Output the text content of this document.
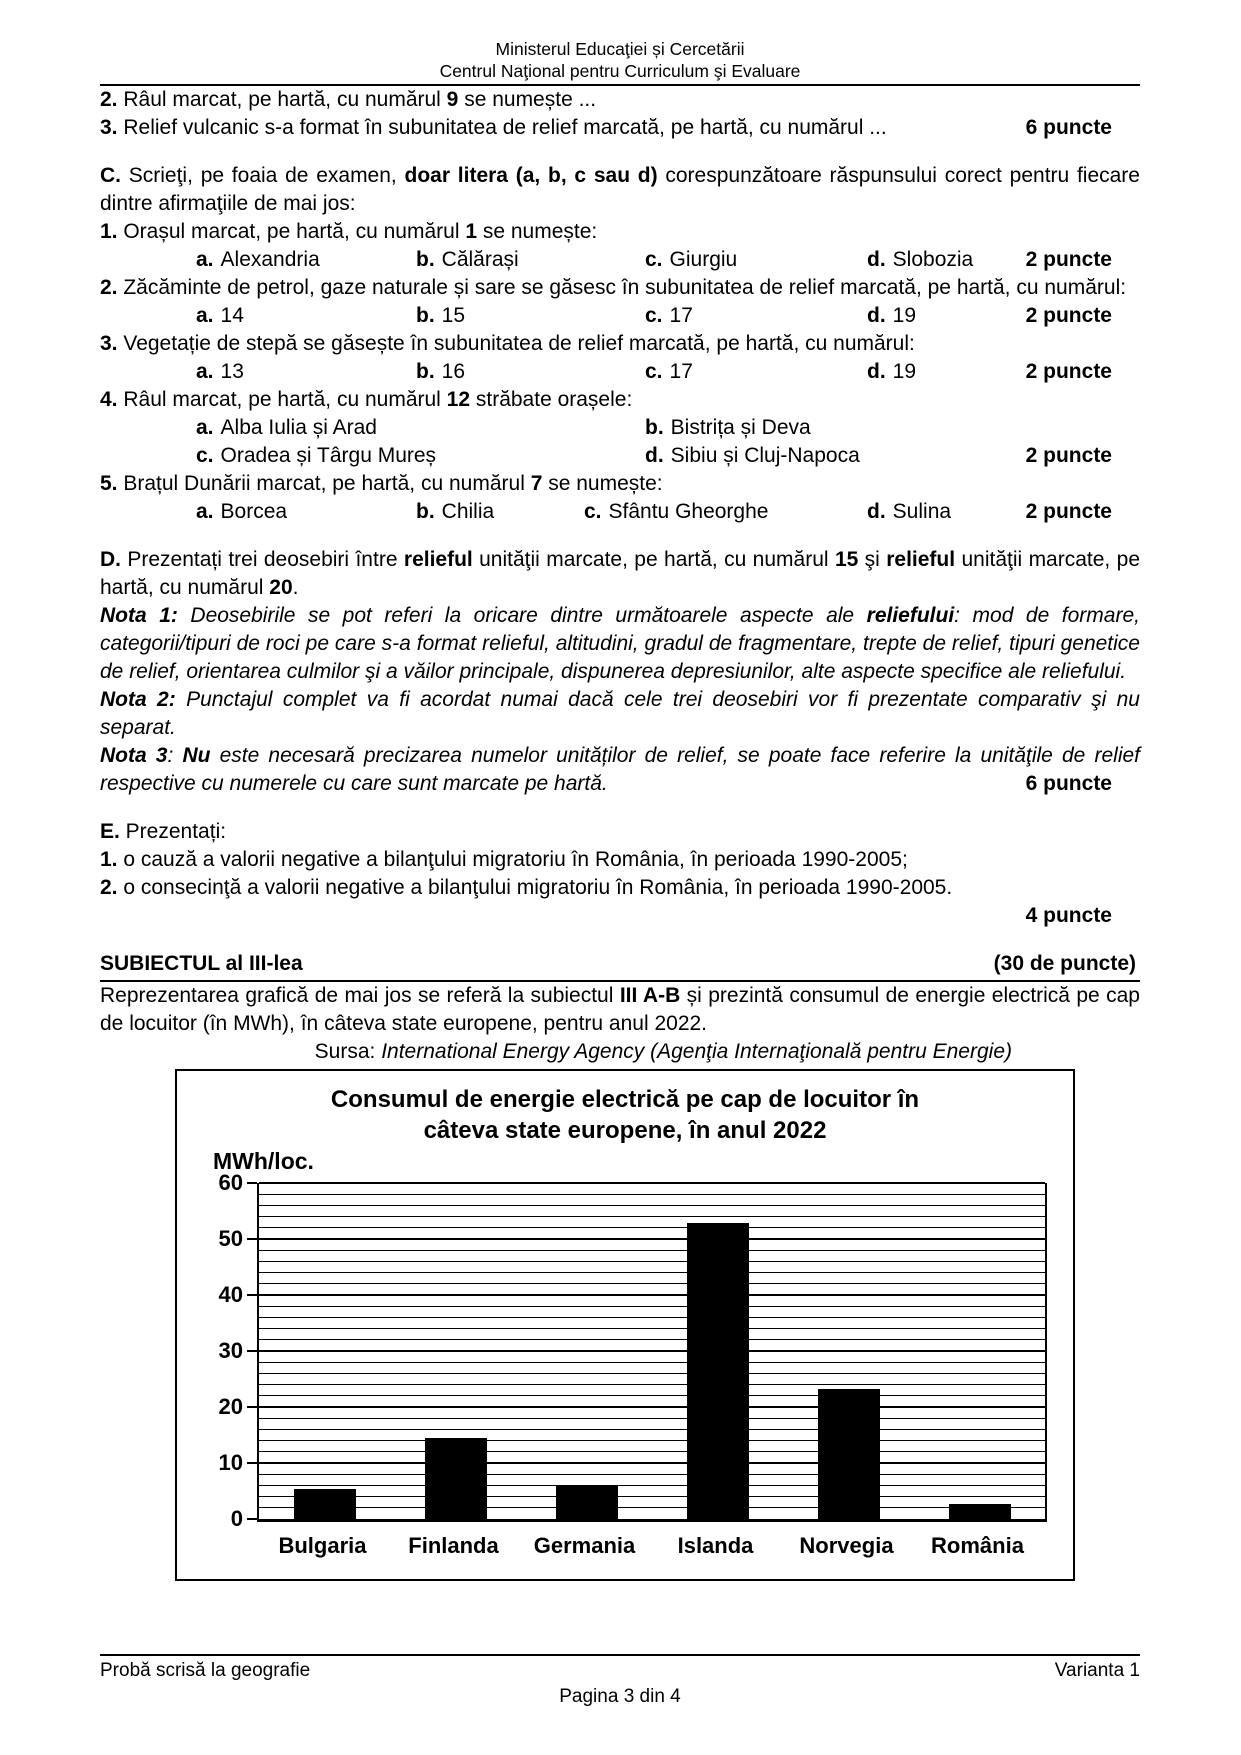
Ministerul Educaţiei și Cercetării
Centrul Naţional pentru Curriculum şi Evaluare

2. Râul marcat, pe hartă, cu numărul 9 se numește ...

3. Relief vulcanic s-a format în subunitatea de relief marcată, pe hartă, cu numărul ...	6 puncte

C. Scrieţi, pe foaia de examen, doar litera (a, b, c sau d) corespunzătoare răspunsului corect pentru fiecare dintre afirmaţiile de mai jos:

1. Orașul marcat, pe hartă, cu numărul 1 se numește:

a. Alexandria	b. Călărași	c. Giurgiu	d. Slobozia 2 puncte

2. Zăcăminte de petrol, gaze naturale și sare se găsesc în subunitatea de relief marcată, pe hartă, cu numărul:

a. 14	b. 15	c. 17	d. 19	2 puncte

3. Vegetație de stepă se găsește în subunitatea de relief marcată, pe hartă, cu numărul:

a. 13	b. 16	c. 17	d. 19	2 puncte

4. Râul marcat, pe hartă, cu numărul 12 străbate orașele:

a. Alba Iulia și Arad	b. Bistrița și Deva
c. Oradea și Târgu Mureș	d. Sibiu și Cluj-Napoca	2 puncte

5. Brațul Dunării marcat, pe hartă, cu numărul 7 se numește:

a. Borcea	b. Chilia	c. Sfântu Gheorghe	d. Sulina	2 puncte

D. Prezentați trei deosebiri între relieful unităţii marcate, pe hartă, cu numărul 15 şi relieful unităţii marcate, pe hartă, cu numărul 20.

Nota 1: Deosebirile se pot referi la oricare dintre următoarele aspecte ale reliefului: mod de formare, categorii/tipuri de roci pe care s-a format relieful, altitudini, gradul de fragmentare, trepte de relief, tipuri genetice de relief, orientarea culmilor şi a văilor principale, dispunerea depresiunilor, alte aspecte specifice ale reliefului.

Nota 2: Punctajul complet va fi acordat numai dacă cele trei deosebiri vor fi prezentate comparativ şi nu separat.

Nota 3: Nu este necesară precizarea numelor unităților de relief, se poate face referire la unităţile de relief respective cu numerele cu care sunt marcate pe hartă.	6 puncte

E. Prezentați:

1. o cauză a valorii negative a bilanţului migratoriu în România, în perioada 1990-2005;

2. o consecinţă a valorii negative a bilanţului migratoriu în România, în perioada 1990-2005.

4 puncte
SUBIECTUL al III-lea	(30 de puncte)

Reprezentarea grafică de mai jos se referă la subiectul III A-B și prezintă consumul de energie electrică pe cap de locuitor (în MWh), în câteva state europene, pentru anul 2022.

Sursa: International Energy Agency (Agenţia Internaţională pentru Energie)

Consumul de energie electrică pe cap de locuitor în
câteva state europene, în anul 2022
MWh/loc.
Bulgaria	Finlanda	Germania	Islanda	Norvegia	România
0
10
20
30
40
50
60
Varianta 1
Probă scrisă la geografie
Pagina 3 din 4
